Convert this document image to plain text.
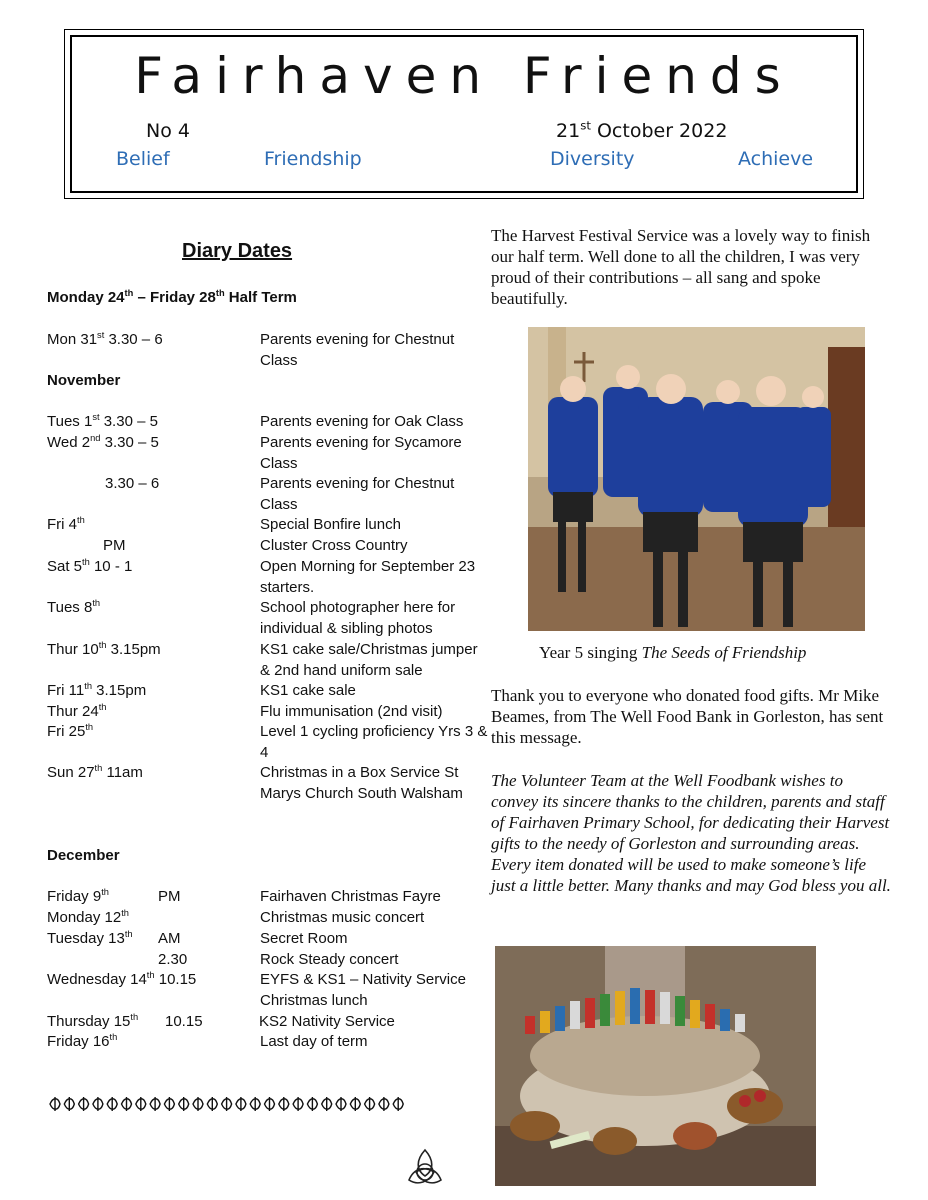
Fairhaven Friends
No 4	21st October 2022
Belief	Friendship	Diversity	Achieve
Diary Dates
Monday 24th – Friday 28th Half Term
Mon 31st 3.30 – 6	Parents evening for Chestnut Class
November
Tues 1st 3.30 – 5	Parents evening for Oak Class
Wed 2nd 3.30 – 5	Parents evening for Sycamore Class
3.30 – 6	Parents evening for Chestnut Class
Fri 4th	Special Bonfire lunch
PM	Cluster Cross Country
Sat 5th 10 - 1	Open Morning for September 23 starters.
Tues 8th	School photographer here for individual & sibling photos
Thur 10th 3.15pm	KS1 cake sale/Christmas jumper & 2nd hand uniform sale
Fri 11th 3.15pm	KS1 cake sale
Thur 24th	Flu immunisation (2nd visit)
Fri 25th	Level 1 cycling proficiency Yrs 3 & 4
Sun 27th 11am	Christmas in a Box Service St Marys Church South Walsham
December
Friday 9th	PM	Fairhaven Christmas Fayre
Monday 12th	Christmas music concert
Tuesday 13th AM	Secret Room
2.30	Rock Steady concert
Wednesday 14th 10.15	EYFS & KS1 – Nativity Service
Christmas lunch
Thursday 15th 10.15	KS2 Nativity Service
Friday 16th	Last day of term
The Harvest Festival Service was a lovely way to finish our half term. Well done to all the children, I was very proud of their contributions – all sang and spoke beautifully.
Year 5 singing The Seeds of Friendship
Thank you to everyone who donated food gifts. Mr Mike Beames, from The Well Food Bank in Gorleston, has sent this message.
The Volunteer Team at the Well Foodbank wishes to convey its sincere thanks to the children, parents and staff of Fairhaven Primary School, for dedicating their Harvest gifts to the needy of Gorleston and surrounding areas. Every item donated will be used to make someone’s life just a little better. Many thanks and may God bless you all.
